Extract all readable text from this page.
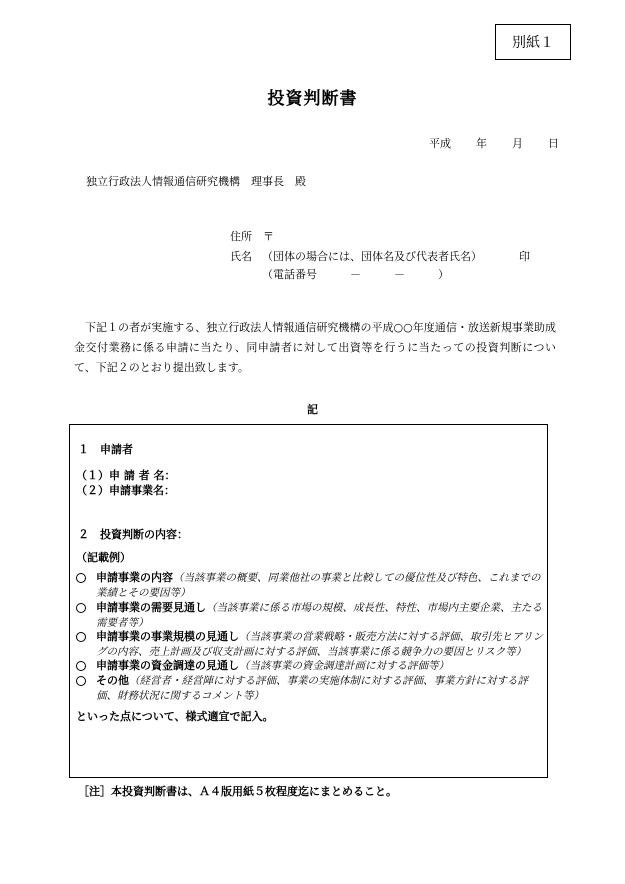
別紙１
投資判断書
平成 年 月 日
独立行政法人情報通信研究機構　理事長　殿
住所　〒
氏名 （団体の場合には、団体名及び代表者氏名）	印
（電話番号　　　－　　　－　　　）
下記１の者が実施する、独立行政法人情報通信研究機構の平成○○年度通信・放送新規事業助成金交付業務に係る申請に当たり、同申請者に対して出資等を行うに当たっての投資判断について、下記２のとおり提出致します。
記
１　申請者
（１）申 請 者 名：
（２）申請事業名：
２　投資判断の内容：
（記載例）
申請事業の内容（当該事業の概要、同業他社の事業と比較しての優位性及び特色、これまでの業績とその要因等）
申請事業の需要見通し（当該事業に係る市場の規模、成長性、特性、市場内主要企業、主たる需要者等）
申請事業の事業規模の見通し（当該事業の営業戦略・販売方法に対する評価、取引先ヒアリングの内容、売上計画及び収支計画に対する評価、当該事業に係る競争力の要因とリスク等）
申請事業の資金調達の見通し（当該事業の資金調達計画に対する評価等）
その他（経営者・経営陣に対する評価、事業の実施体制に対する評価、事業方針に対する評価、財務状況に関するコメント等）
といった点について、様式適宜で記入。
［注］本投資判断書は、Ａ４版用紙５枚程度迄にまとめること。
